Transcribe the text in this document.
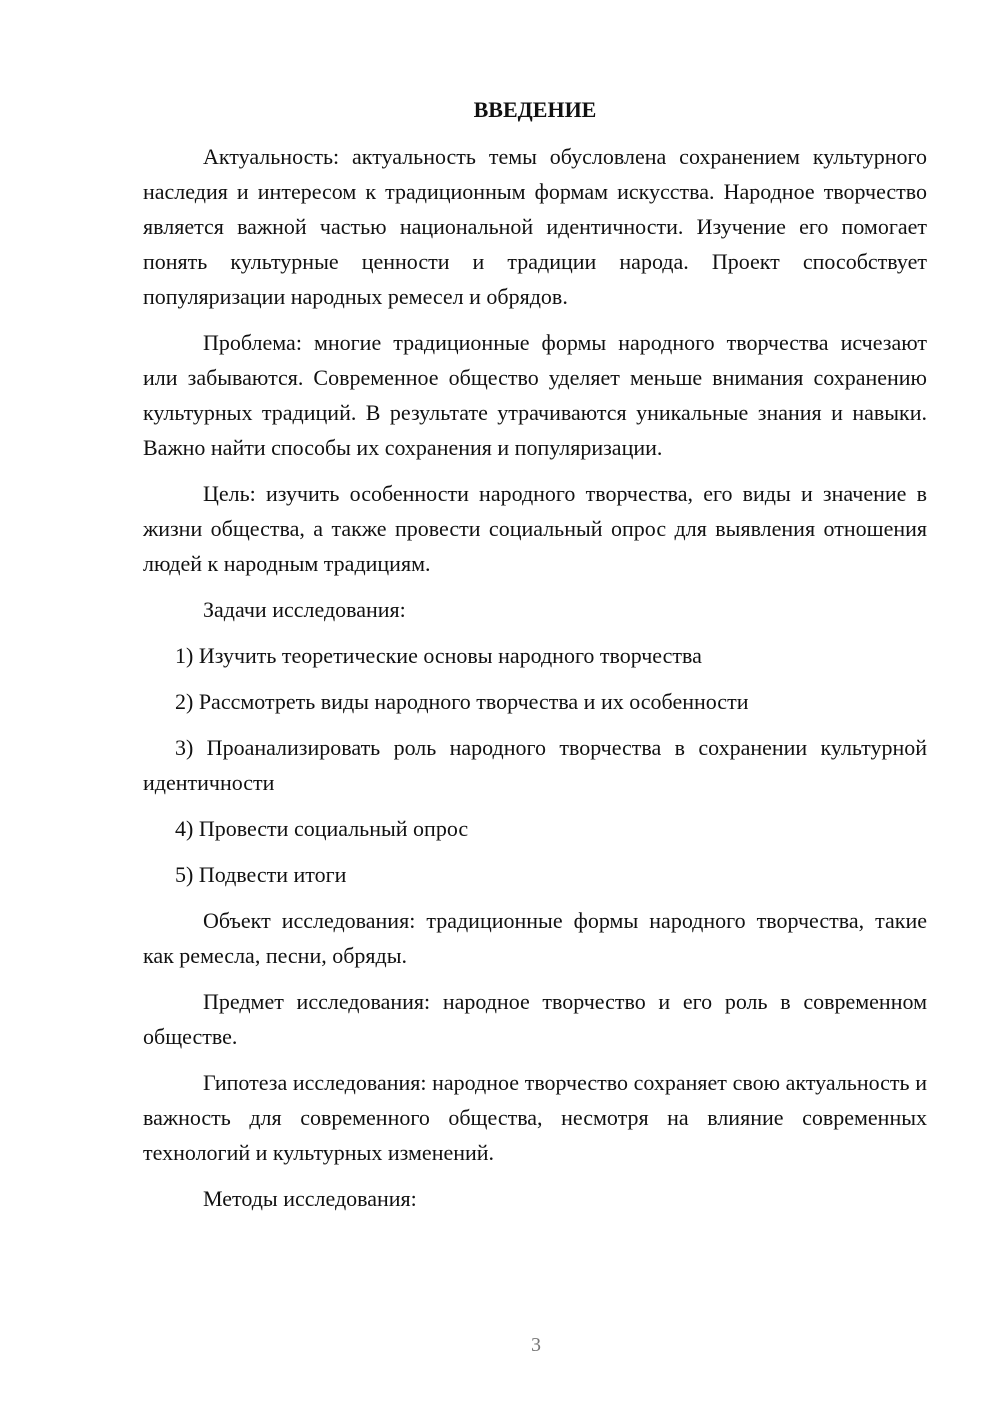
ВВЕДЕНИЕ

Актуальность: актуальность темы обусловлена сохранением культурного наследия и интересом к традиционным формам искусства. Народное творчество является важной частью национальной идентичности. Изучение его помогает понять культурные ценности и традиции народа. Проект способствует популяризации народных ремесел и обрядов.

Проблема: многие традиционные формы народного творчества исчезают или забываются. Современное общество уделяет меньше внимания сохранению культурных традиций. В результате утрачиваются уникальные знания и навыки. Важно найти способы их сохранения и популяризации.

Цель: изучить особенности народного творчества, его виды и значение в жизни общества, а также провести социальный опрос для выявления отношения людей к народным традициям.

Задачи исследования:

1) Изучить теоретические основы народного творчества

2) Рассмотреть виды народного творчества и их особенности

3) Проанализировать роль народного творчества в сохранении культурной идентичности

4) Провести социальный опрос

5) Подвести итоги

Объект исследования: традиционные формы народного творчества, такие как ремесла, песни, обряды.

Предмет исследования: народное творчество и его роль в современном обществе.

Гипотеза исследования: народное творчество сохраняет свою актуальность и важность для современного общества, несмотря на влияние современных технологий и культурных изменений.

Методы исследования:

3
